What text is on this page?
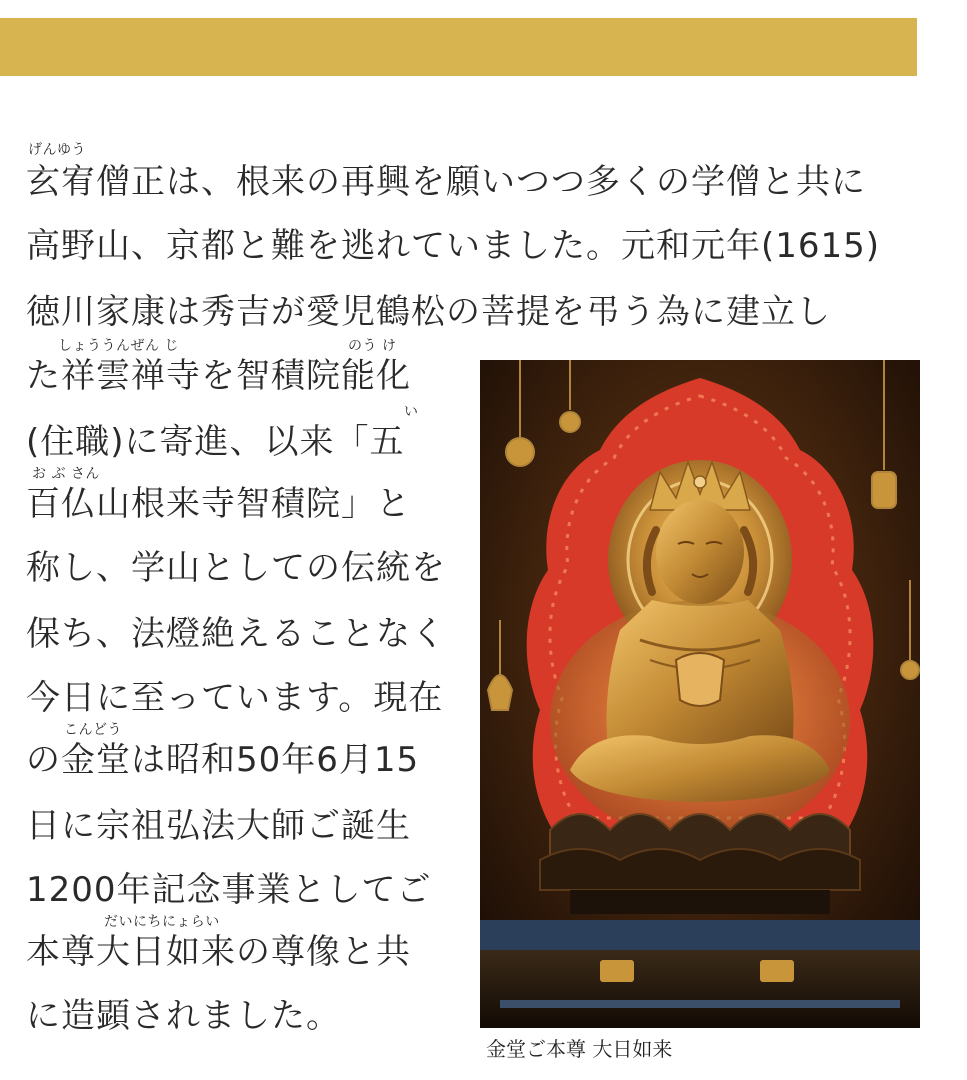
げんゆう
玄宥僧正は、根来の再興を願いつつ多くの学僧と共に
高野山、京都と難を逃れていました。元和元年(1615)
徳川家康は秀吉が愛児鶴松の菩提を弔う為に建立し
しょううんぜん じ	のう け
た祥雲禅寺を智積院能化
い
(住職)に寄進、以来「五
お ぶ さん
百仏山根来寺智積院」と
称し、学山としての伝統を
保ち、法燈絶えることなく
今日に至っています。現在
こんどう
の金堂は昭和50年6月15
日に宗祖弘法大師ご誕生
1200年記念事業としてご
だいにちにょらい
本尊大日如来の尊像と共
に造顕されました。
金堂ご本尊 大日如来
